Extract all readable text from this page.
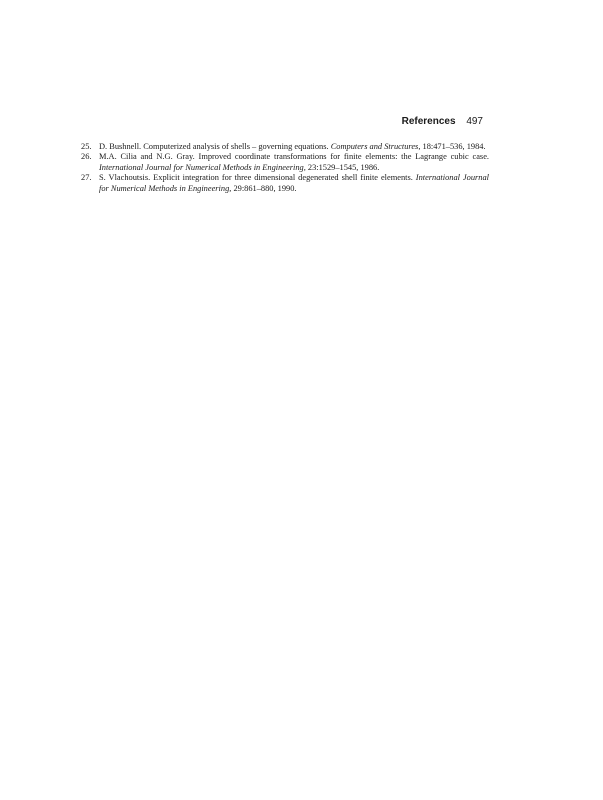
References 497
25. D. Bushnell. Computerized analysis of shells – governing equations. Computers and Structures, 18:471–536, 1984.
26. M.A. Cilia and N.G. Gray. Improved coordinate transformations for finite elements: the Lagrange cubic case. International Journal for Numerical Methods in Engineering, 23:1529–1545, 1986.
27. S. Vlachoutsis. Explicit integration for three dimensional degenerated shell finite elements. International Journal for Numerical Methods in Engineering, 29:861–880, 1990.
